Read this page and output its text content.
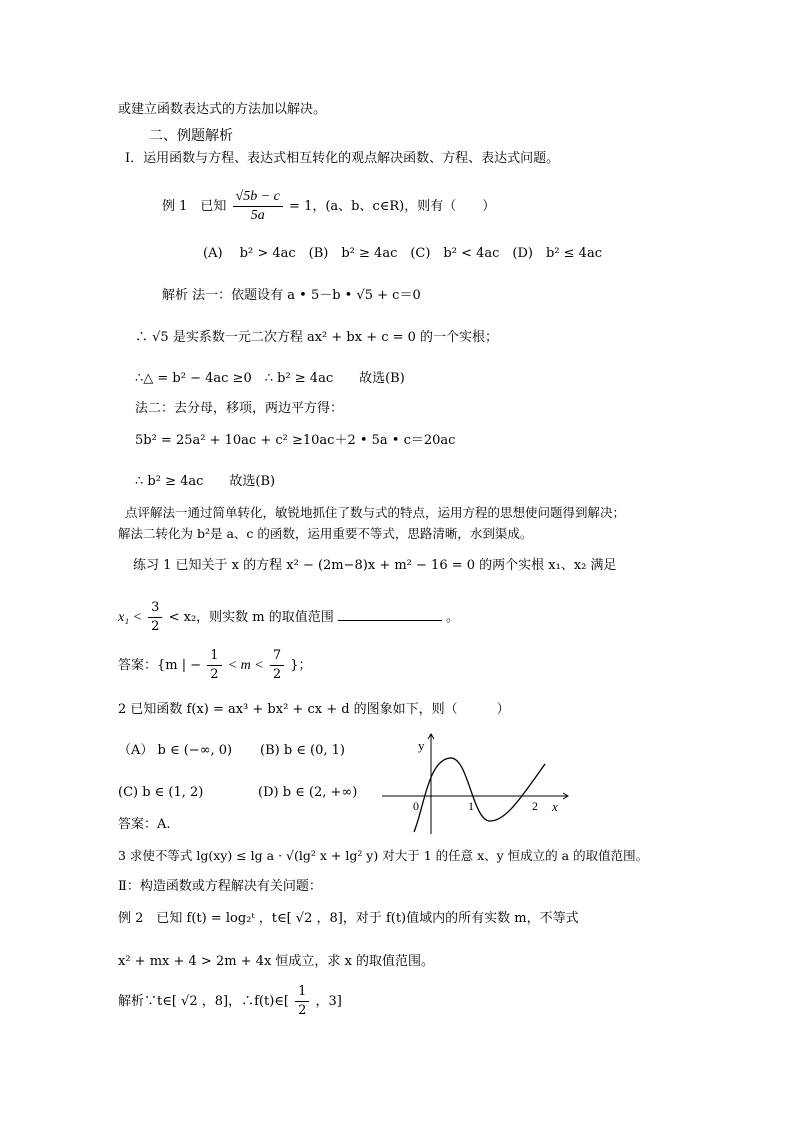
或建立函数表达式的方法加以解决。
二、例题解析
Ⅰ．运用函数与方程、表达式相互转化的观点解决函数、方程、表达式问题。
例 1　已知 $\frac{√5b - c}{5a} = 1$，(a、b、c∈R)，则有（　　）
(A)　 b² > 4ac　(B)　b² ≥ 4ac　(C)　b² < 4ac　(D)　b² ≤ 4ac
解析 法一：依题设有 a • 5－b • √5 + c＝0
∴ √5 是实系数一元二次方程 ax² + bx + c = 0 的一个实根；
∴△ = b² − 4ac ≥0　∴ b² ≥ 4ac　　故选(B)
法二：去分母，移项，两边平方得：
5b² = 25a² + 10ac + c² ≥10ac＋2 • 5a • c＝20ac
∴ b² ≥ 4ac　　故选(B)
点评解法一通过简单转化，敏锐地抓住了数与式的特点，运用方程的思想使问题得到解决；
解法二转化为 b²是 a、c 的函数，运用重要不等式，思路清晰，水到渠成。
练习 1 已知关于 x 的方程 x² − (2m−8)x + m² − 16 = 0 的两个实根 x₁、x₂ 满足
$x_1 < \frac{3}{2} < x_2$，则实数 m 的取值范围	。
答案：{m | − $\frac{1}{2} < m < \frac{7}{2}$ }；
2 已知函数 f(x) = ax³ + bx² + cx + d 的图象如下，则（　　　）
（A） b ∈ (−∞, 0) (B) b ∈ (0, 1)
(C) b ∈ (1, 2)	(D) b ∈ (2, +∞)
答案：A.
y
x
0	1	2
3 求使不等式 lg(xy) ≤ lg a · √(lg² x + lg² y) 对大于 1 的任意 x、y 恒成立的 a 的取值范围。
Ⅱ：构造函数或方程解决有关问题：
例 2　已知 f(t) = log₂ᵗ ，t∈[ √2 ，8]，对于 f(t)值域内的所有实数 m，不等式
x² + mx + 4 > 2m + 4x 恒成立，求 x 的取值范围。
解析∵t∈[ √2 ，8]，∴f(t)∈[ $\frac{1}{2}$ ，3]
